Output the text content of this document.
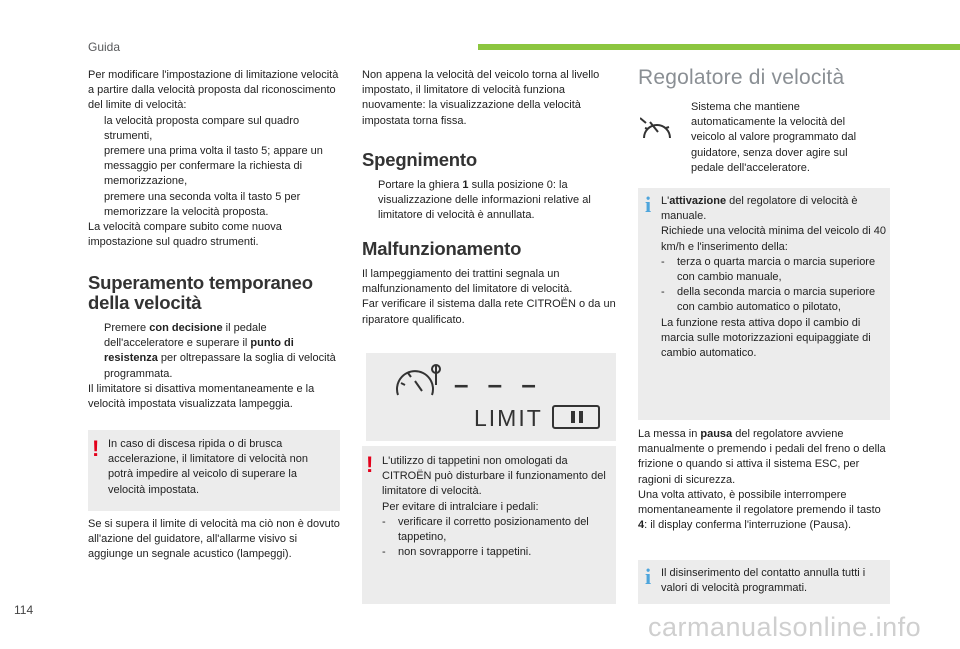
Guida

Per modificare l'impostazione di limitazione velocità a partire dalla velocità proposta dal riconoscimento del limite di velocità:

la velocità proposta compare sul quadro strumenti,
premere una prima volta il tasto 5; appare un messaggio per confermare la richiesta di memorizzazione,
premere una seconda volta il tasto 5 per memorizzare la velocità proposta.

La velocità compare subito come nuova impostazione sul quadro strumenti.

Superamento temporaneo della velocità
Premere con decisione il pedale dell'acceleratore e superare il punto di resistenza per oltrepassare la soglia di velocità programmata.

Il limitatore si disattiva momentaneamente e la velocità impostata visualizzata lampeggia.

! In caso di discesa ripida o di brusca accelerazione, il limitatore di velocità non potrà impedire al veicolo di superare la velocità impostata.

Se si supera il limite di velocità ma ciò non è dovuto all'azione del guidatore, all'allarme visivo si aggiunge un segnale acustico (lampeggi).

Non appena la velocità del veicolo torna al livello impostato, il limitatore di velocità funziona nuovamente: la visualizzazione della velocità impostata torna fissa.

Spegnimento
Portare la ghiera 1 sulla posizione 0: la visualizzazione delle informazioni relative al limitatore di velocità è annullata.
Malfunzionamento

Il lampeggiamento dei trattini segnala un malfunzionamento del limitatore di velocità.

Far verificare il sistema dalla rete CITROËN o da un riparatore qualificato.

– – –
LIMIT
! L'utilizzo di tappetini non omologati da CITROËN può disturbare il funzionamento del limitatore di velocità.

Per evitare di intralciare i pedali:

- verificare il corretto posizionamento del tappetino,
- non sovrapporre i tappetini.
Regolatore di velocità

Sistema che mantiene automaticamente la velocità del veicolo al valore programmato dal guidatore, senza dover agire sul pedale dell'acceleratore.

i L'attivazione del regolatore di velocità è manuale.

Richiede una velocità minima del veicolo di 40 km/h e l'inserimento della:

- terza o quarta marcia o marcia superiore con cambio manuale,
- della seconda marcia o marcia superiore con cambio automatico o pilotato,

La funzione resta attiva dopo il cambio di marcia sulle motorizzazioni equipaggiate di cambio automatico.

La messa in pausa del regolatore avviene manualmente o premendo i pedali del freno o della frizione o quando si attiva il sistema ESC, per ragioni di sicurezza.

Una volta attivato, è possibile interrompere momentaneamente il regolatore premendo il tasto 4: il display conferma l'interruzione (Pausa).

i Il disinserimento del contatto annulla tutti i valori di velocità programmati.
114
carmanualsonline.info
